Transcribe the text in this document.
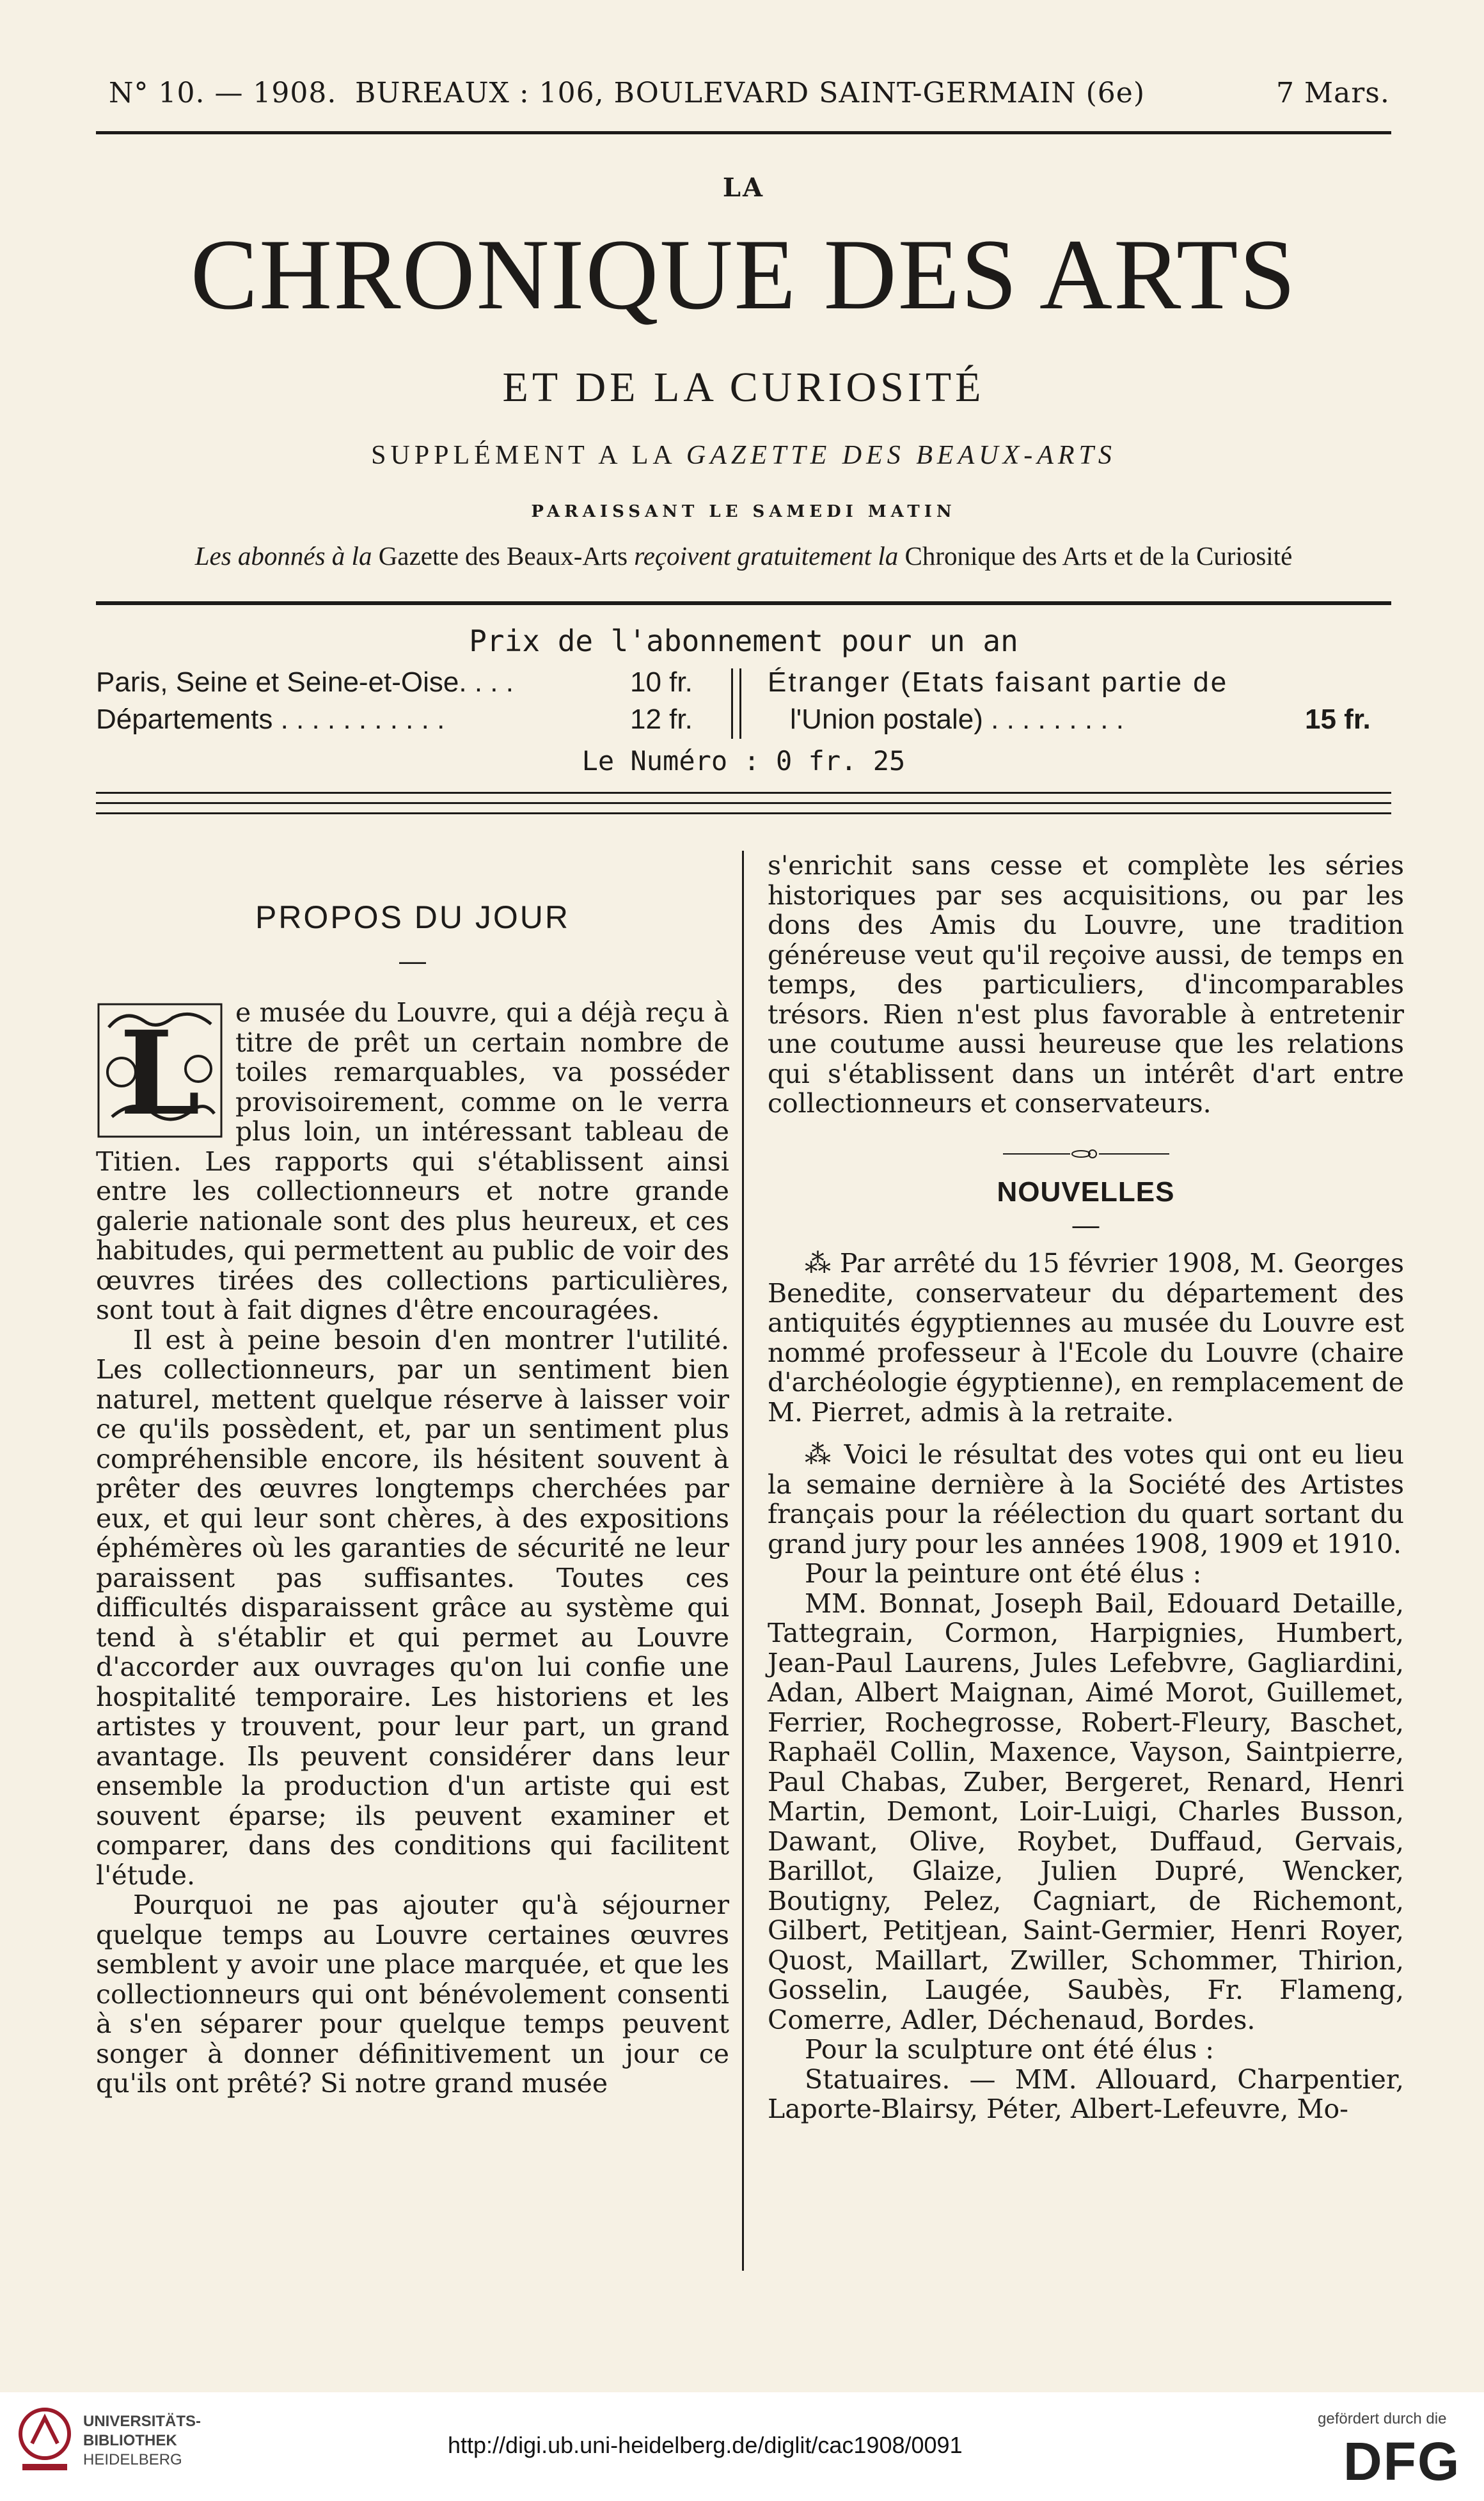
N° 10. — 1908. BUREAUX : 106, BOULEVARD SAINT-GERMAIN (6e)	7 Mars.
LA
CHRONIQUE DES ARTS
ET DE LA CURIOSITÉ
SUPPLÉMENT A LA GAZETTE DES BEAUX-ARTS
PARAISSANT LE SAMEDI MATIN
Les abonnés à la Gazette des Beaux-Arts reçoivent gratuitement la Chronique des Arts et de la Curiosité
Prix de l'abonnement pour un an
Paris, Seine et Seine-et-Oise. . . .	10 fr.
Départements . . . . . . . . . . .	12 fr.
Étranger (Etats faisant partie de
l'Union postale) . . . . . . . . .	15 fr.
Le Numéro : 0 fr. 25
PROPOS DU JOUR
—
L	e musée du Louvre, qui a déjà reçu à titre de prêt un certain nombre de toiles remarquables, va posséder provisoirement, comme on le verra plus loin, un intéressant tableau de Titien. Les rapports qui s'établissent ainsi entre les collectionneurs et notre grande galerie nationale sont des plus heureux, et ces habitudes, qui permettent au public de voir des œuvres tirées des collections particulières, sont tout à fait dignes d'être encouragées.

Il est à peine besoin d'en montrer l'utilité. Les collectionneurs, par un sentiment bien naturel, mettent quelque réserve à laisser voir ce qu'ils possèdent, et, par un sentiment plus compréhensible encore, ils hésitent souvent à prêter des œuvres longtemps cherchées par eux, et qui leur sont chères, à des expositions éphémères où les garanties de sécurité ne leur paraissent pas suffisantes. Toutes ces difficultés disparaissent grâce au système qui tend à s'établir et qui permet au Louvre d'accorder aux ouvrages qu'on lui confie une hospitalité temporaire. Les historiens et les artistes y trouvent, pour leur part, un grand avantage. Ils peuvent considérer dans leur ensemble la production d'un artiste qui est souvent éparse; ils peuvent examiner et comparer, dans des conditions qui facilitent l'étude.

Pourquoi ne pas ajouter qu'à séjourner quelque temps au Louvre certaines œuvres semblent y avoir une place marquée, et que les collectionneurs qui ont bénévolement consenti à s'en séparer pour quelque temps peuvent songer à donner définitivement un jour ce qu'ils ont prêté? Si notre grand musée

s'enrichit sans cesse et complète les séries historiques par ses acquisitions, ou par les dons des Amis du Louvre, une tradition généreuse veut qu'il reçoive aussi, de temps en temps, des particuliers, d'incomparables trésors. Rien n'est plus favorable à entretenir une coutume aussi heureuse que les relations qui s'établissent dans un intérêt d'art entre collectionneurs et conservateurs.

NOUVELLES
—

⁂ Par arrêté du 15 février 1908, M. Georges Benedite, conservateur du département des antiquités égyptiennes au musée du Louvre est nommé professeur à l'Ecole du Louvre (chaire d'archéologie égyptienne), en remplacement de M. Pierret, admis à la retraite.

⁂ Voici le résultat des votes qui ont eu lieu la semaine dernière à la Société des Artistes français pour la réélection du quart sortant du grand jury pour les années 1908, 1909 et 1910.

Pour la peinture ont été élus :

MM. Bonnat, Joseph Bail, Edouard Detaille, Tattegrain, Cormon, Harpignies, Humbert, Jean-Paul Laurens, Jules Lefebvre, Gagliardini, Adan, Albert Maignan, Aimé Morot, Guillemet, Ferrier, Rochegrosse, Robert-Fleury, Baschet, Raphaël Collin, Maxence, Vayson, Saintpierre, Paul Chabas, Zuber, Bergeret, Renard, Henri Martin, Demont, Loir-Luigi, Charles Busson, Dawant, Olive, Roybet, Duffaud, Gervais, Barillot, Glaize, Julien Dupré, Wencker, Boutigny, Pelez, Cagniart, de Richemont, Gilbert, Petitjean, Saint-Germier, Henri Royer, Quost, Maillart, Zwiller, Schommer, Thirion, Gosselin, Laugée, Saubès, Fr. Flameng, Comerre, Adler, Déchenaud, Bordes.

Pour la sculpture ont été élus :

Statuaires. — MM. Allouard, Charpentier, Laporte-Blairsy, Péter, Albert-Lefeuvre, Mo-

UNIVERSITÄTS-
BIBLIOTHEK
HEIDELBERG
http://digi.ub.uni-heidelberg.de/diglit/cac1908/0091
gefördert durch die
DFG
